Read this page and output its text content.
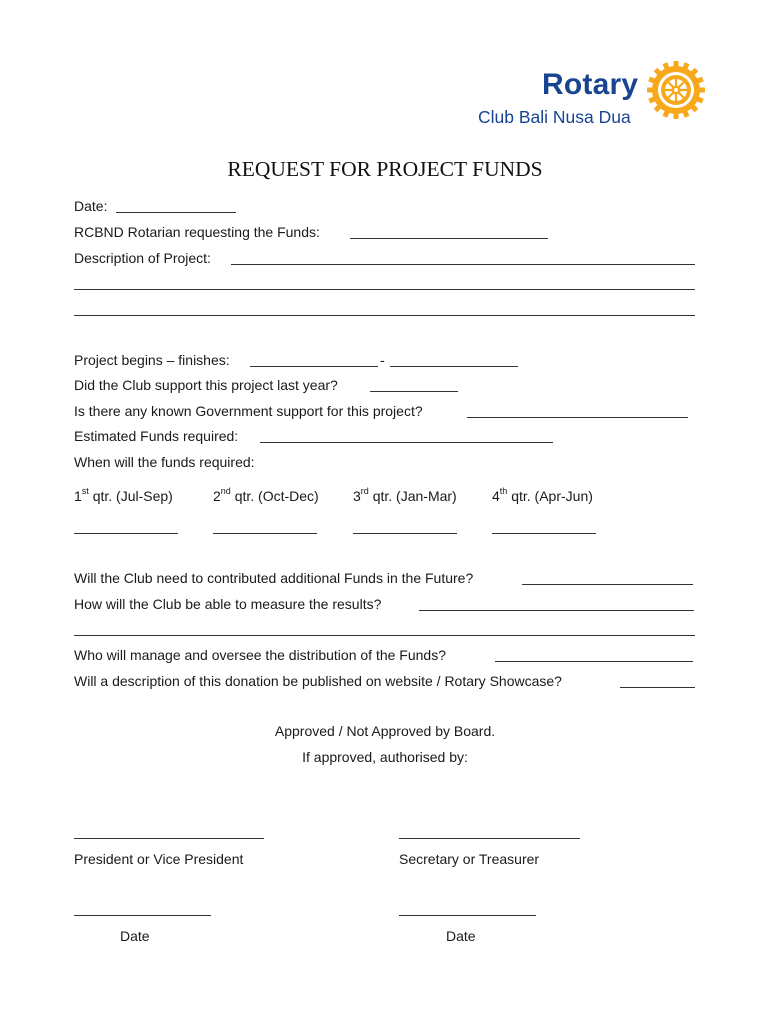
Rotary
Club Bali Nusa Dua
REQUEST FOR PROJECT FUNDS
Date:
RCBND Rotarian requesting the Funds:
Description of Project:
Project begins – finishes:	-
Did the Club support this project last year?
Is there any known Government support for this project?
Estimated Funds required:
When will the funds required:
1st qtr. (Jul-Sep)	2nd qtr. (Oct-Dec) 3rd qtr. (Jan-Mar)	4th qtr. (Apr-Jun)
Will the Club need to contributed additional Funds in the Future?
How will the Club be able to measure the results?
Who will manage and oversee the distribution of the Funds?
Will a description of this donation be published on website / Rotary Showcase?
Approved / Not Approved by Board.
If approved, authorised by:
President or Vice President	Secretary or Treasurer
Date	Date
